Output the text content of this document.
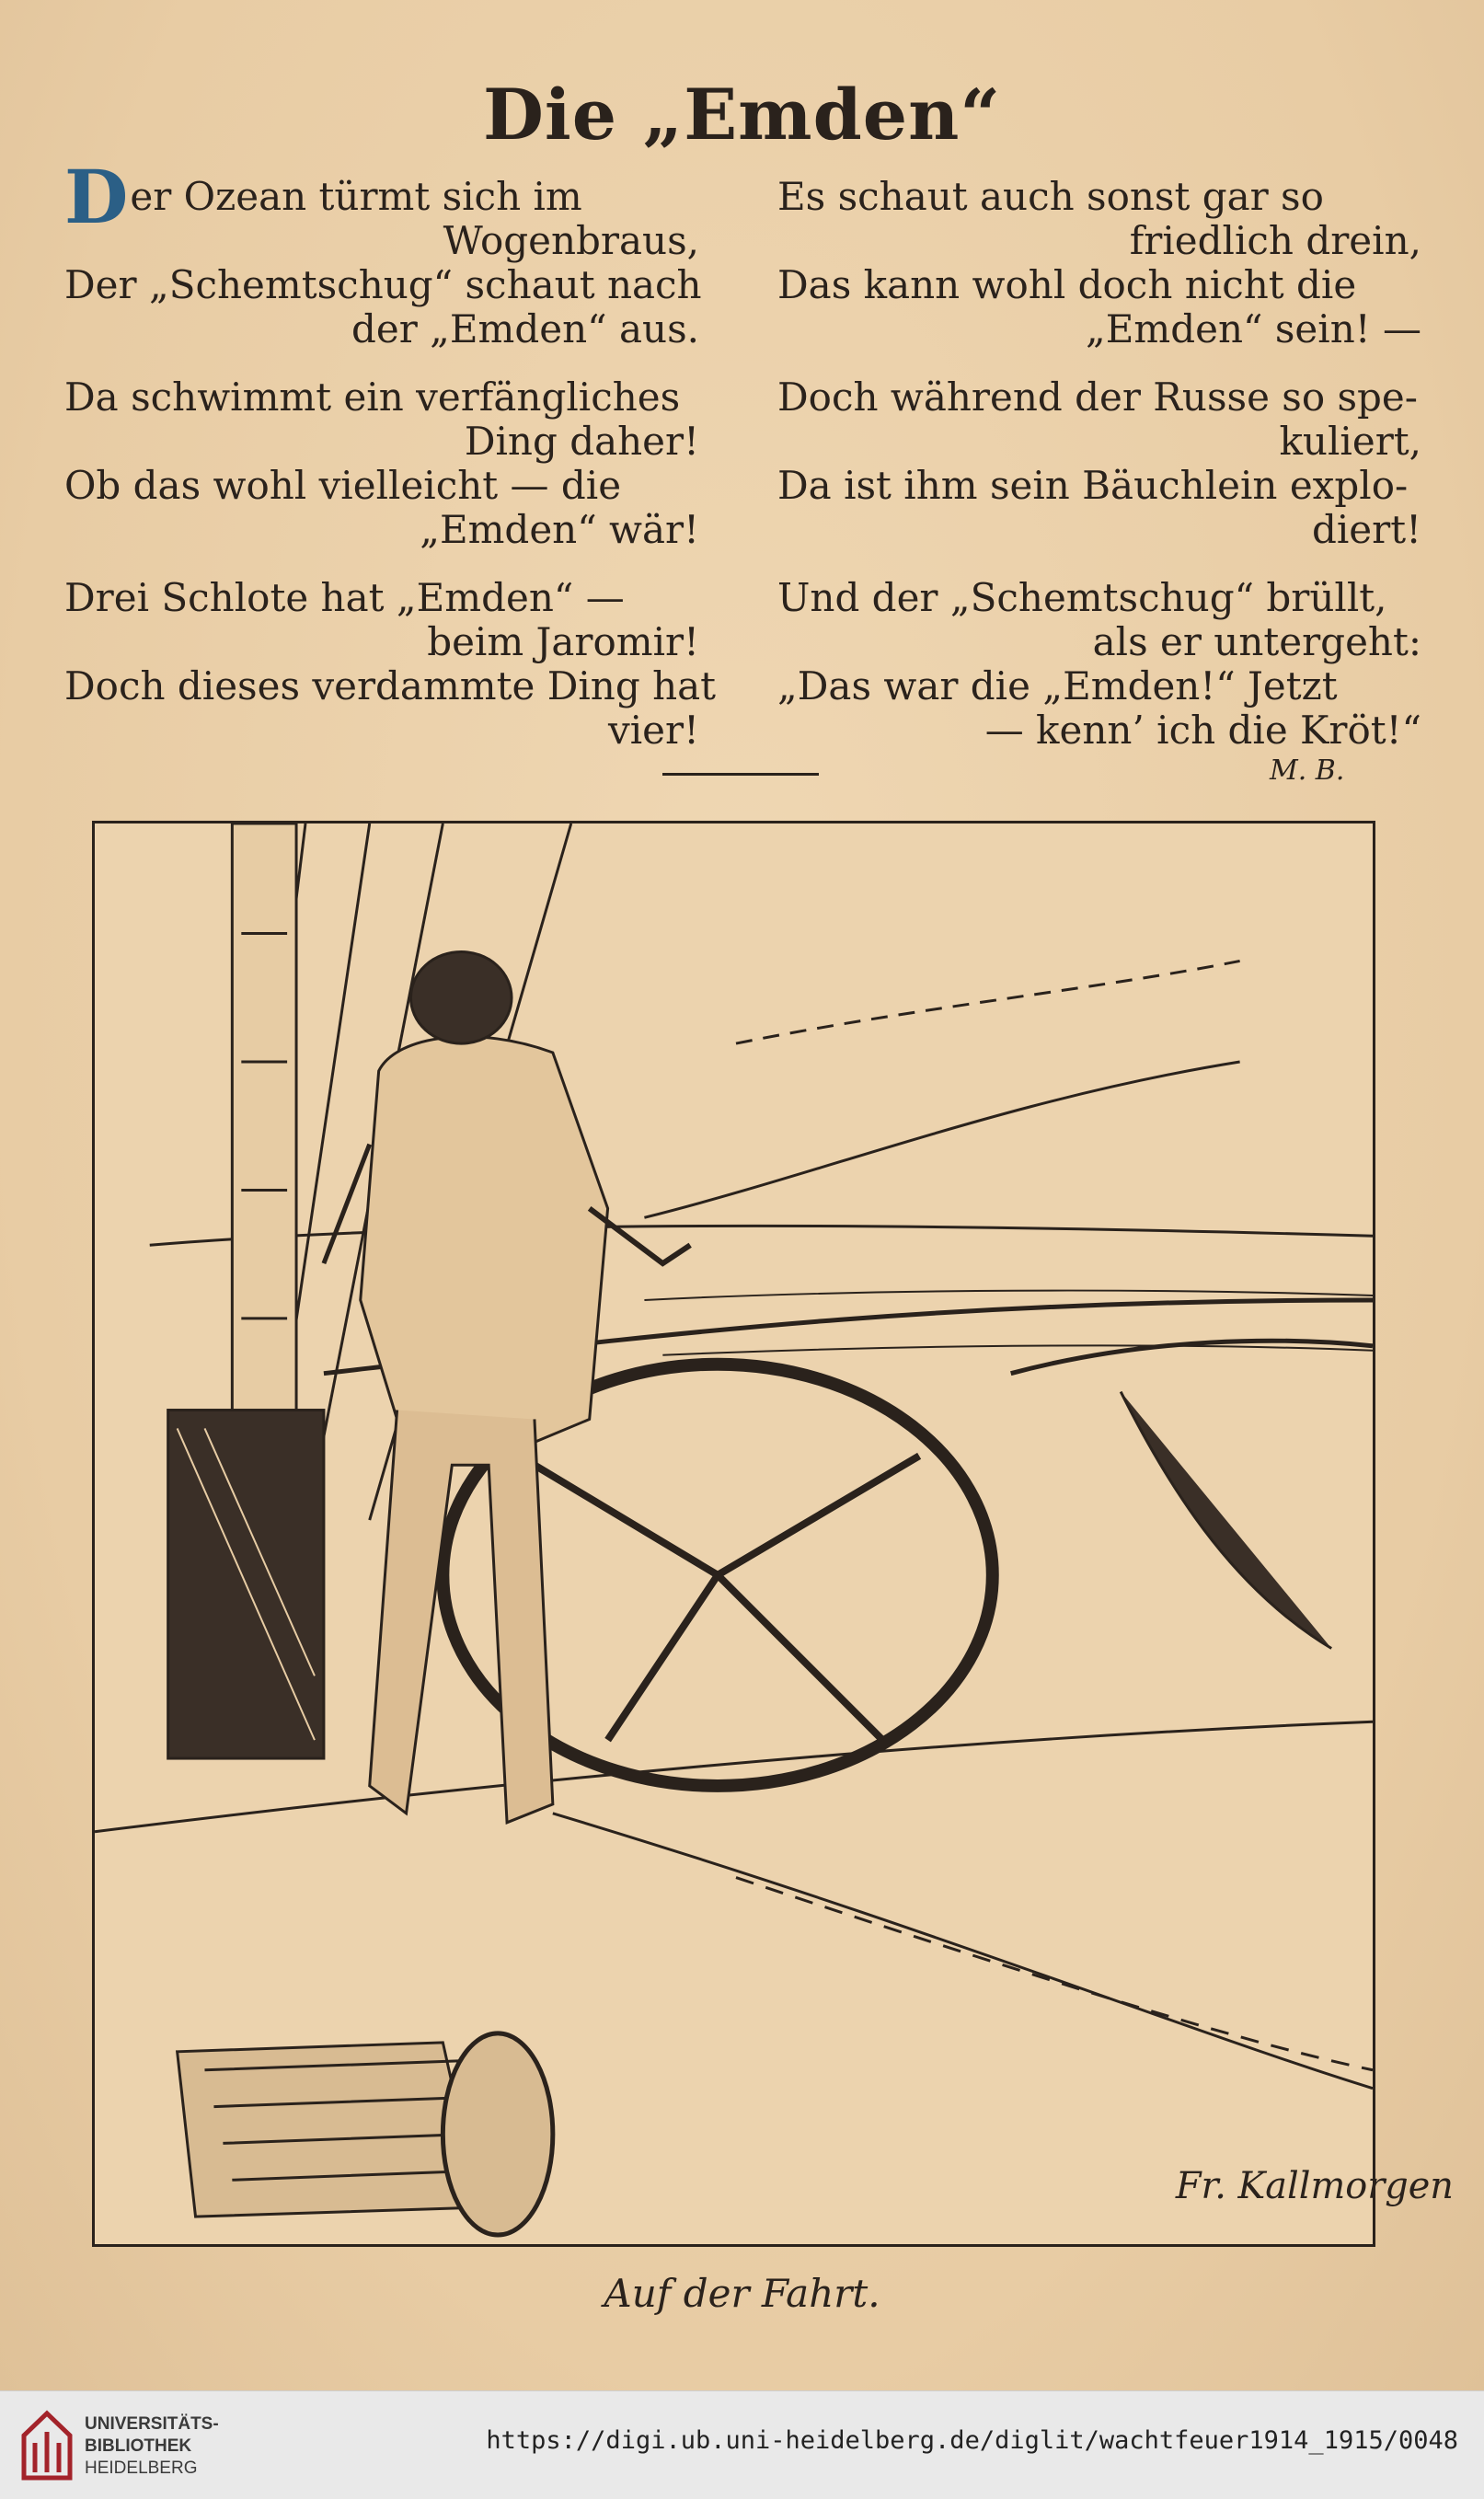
Die „Emden“
Der Ozean türmt sich im
Wogenbraus,
Der „Schemtschug“ schaut nach
der „Emden“ aus.
Da schwimmt ein verfängliches
Ding daher!
Ob das wohl vielleicht — die
„Emden“ wär!
Drei Schlote hat „Emden“ —
beim Jaromir!
Doch dieses verdammte Ding hat
vier!
Es schaut auch sonst gar so
friedlich drein,
Das kann wohl doch nicht die
„Emden“ sein! —
Doch während der Russe so spe-
kuliert,
Da ist ihm sein Bäuchlein explo-
diert!
Und der „Schemtschug“ brüllt,
als er untergeht:
„Das war die „Emden!“ Jetzt
— kenn’ ich die Kröt!“
M. B.
Fr. Kallmorgen
Auf der Fahrt.
UNIVERSITÄTS-
BIBLIOTHEK
HEIDELBERG
https://digi.ub.uni-heidelberg.de/diglit/wachtfeuer1914_1915/0048
